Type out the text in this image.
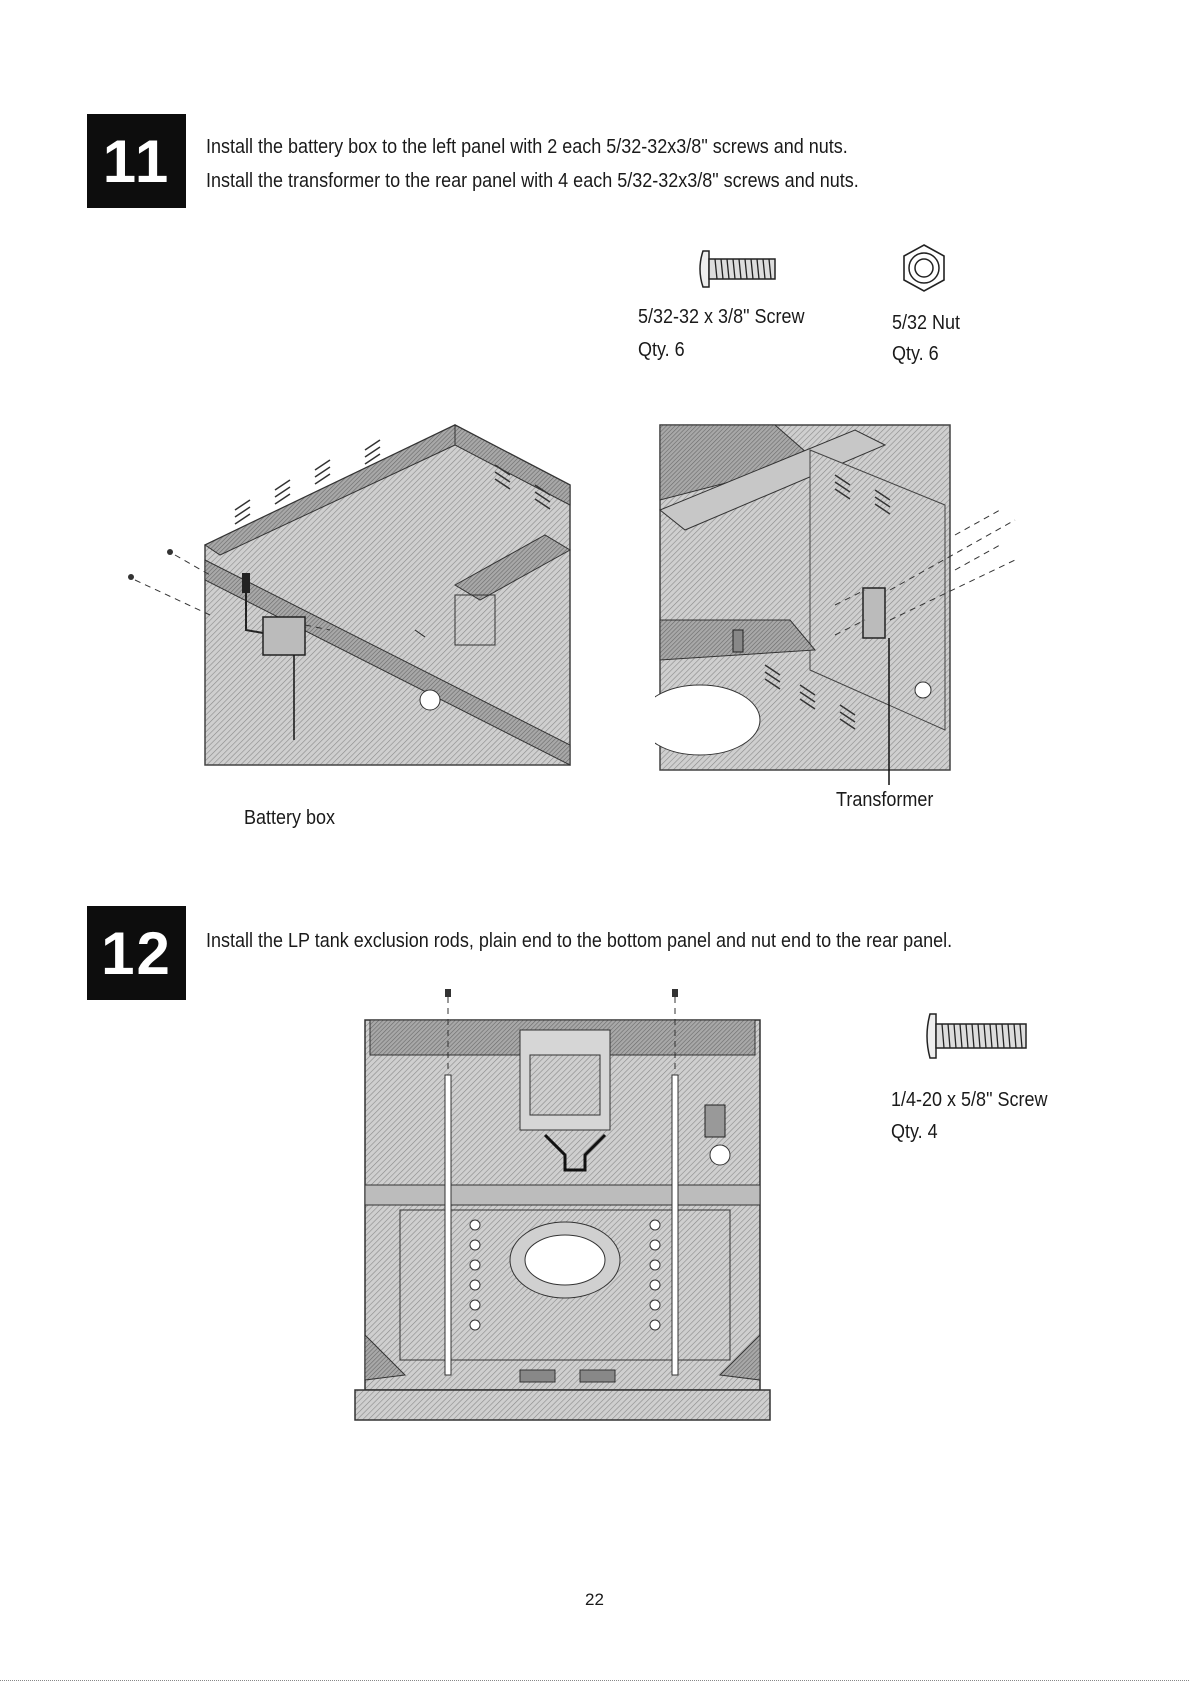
11	Install the battery box to the left panel with 2 each 5/32-32x3/8" screws and nuts.
Install the transformer to the rear panel with 4 each 5/32-32x3/8" screws and nuts.
5/32-32 x 3/8" Screw
Qty. 6
5/32 Nut
Qty. 6
Battery box
Transformer
12	Install the LP tank exclusion rods, plain end to the bottom panel and nut end to the rear panel.
1/4-20 x 5/8" Screw
Qty. 4
22
